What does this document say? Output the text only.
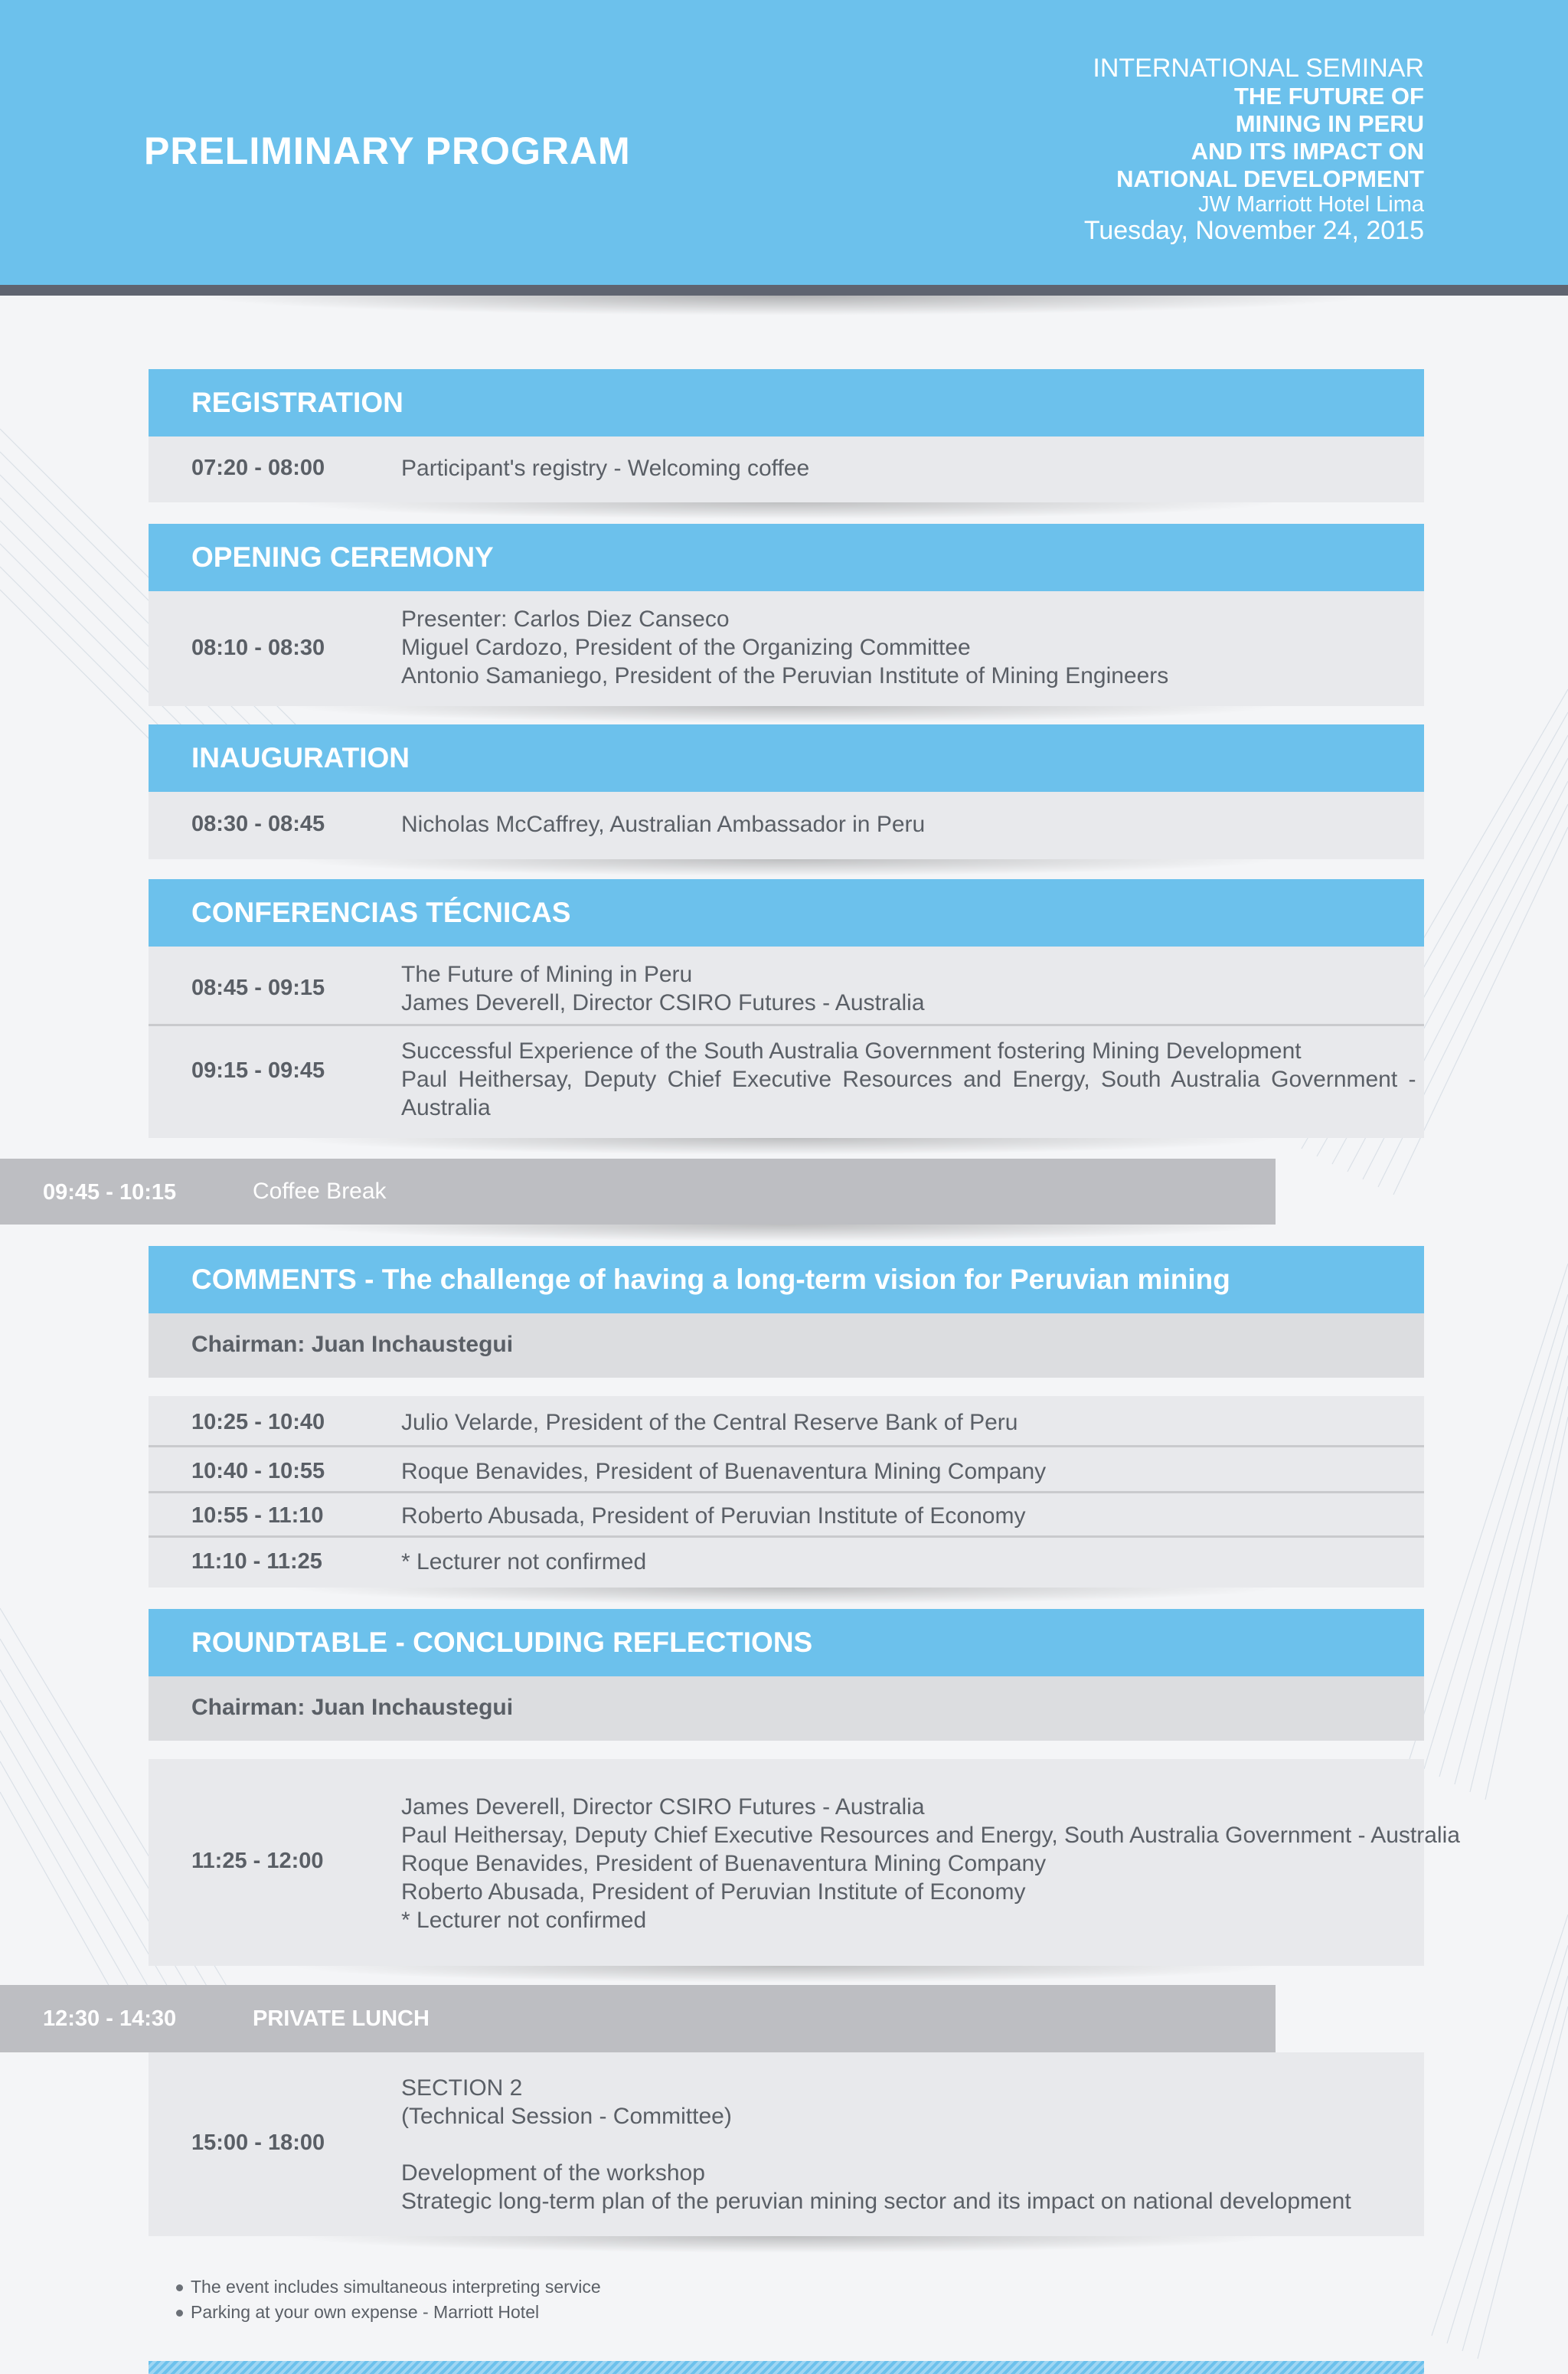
PRELIMINARY PROGRAM
INTERNATIONAL SEMINAR
THE FUTURE OF
MINING IN PERU
AND ITS IMPACT ON
NATIONAL DEVELOPMENT
JW Marriott Hotel Lima
Tuesday, November 24, 2015
REGISTRATION
07:20 - 08:00	Participant's registry - Welcoming coffee
OPENING CEREMONY
08:10 - 08:30
Presenter: Carlos Diez Canseco
Miguel Cardozo, President of the Organizing Committee
Antonio Samaniego, President of the Peruvian Institute of Mining Engineers
INAUGURATION
08:30 - 08:45	Nicholas McCaffrey, Australian Ambassador in Peru
CONFERENCIAS TÉCNICAS
08:45 - 09:15
The Future of Mining in Peru
James Deverell, Director CSIRO Futures - Australia
09:15 - 09:45
Successful Experience of the South Australia Government fostering Mining Development
Paul Heithersay, Deputy Chief Executive Resources and Energy, South Australia Government -
Australia
09:45 - 10:15	Coffee Break
COMMENTS - The challenge of having a long-term vision for Peruvian mining
Chairman: Juan Inchaustegui
10:25 - 10:40	Julio Velarde, President of the Central Reserve Bank of Peru
10:40 - 10:55	Roque Benavides, President of Buenaventura Mining Company
10:55 - 11:10	Roberto Abusada, President of Peruvian Institute of Economy
11:10 - 11:25	* Lecturer not confirmed
ROUNDTABLE - CONCLUDING REFLECTIONS
Chairman: Juan Inchaustegui
11:25 - 12:00
James Deverell, Director CSIRO Futures - Australia
Paul Heithersay, Deputy Chief Executive Resources and Energy, South Australia Government - Australia
Roque Benavides, President of Buenaventura Mining Company
Roberto Abusada, President of Peruvian Institute of Economy
* Lecturer not confirmed
12:30 - 14:30	PRIVATE LUNCH
15:00 - 18:00
SECTION 2
(Technical Session - Committee)
Development of the workshop
Strategic long-term plan of the peruvian mining sector and its impact on national development
The event includes simultaneous interpreting service
Parking at your own expense - Marriott Hotel
